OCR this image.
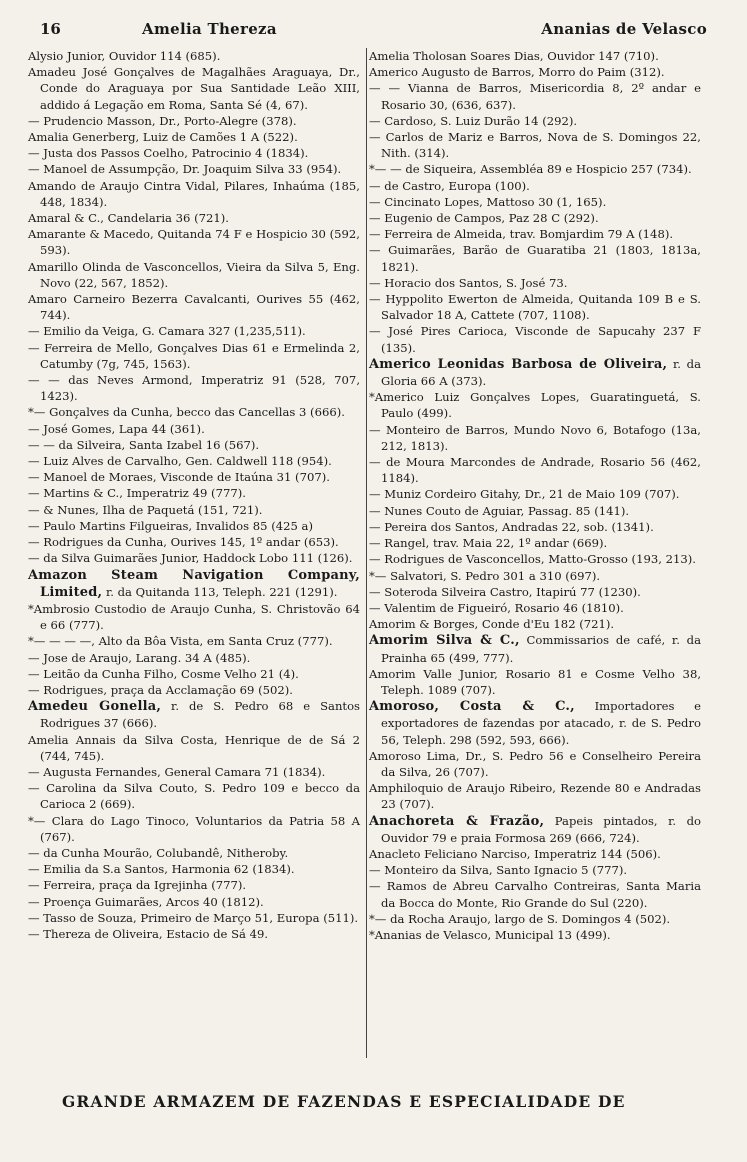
16	Amelia Thereza	Ananias de Velasco

Alysio Junior, Ouvidor 114 (685).

Amadeu José Gonçalves de Magalhães Araguaya, Dr., Conde do Araguaya por Sua Santidade Leão XIII, addido á Legação em Roma, Santa Sé (4, 67).

— Prudencio Masson, Dr., Porto-Alegre (378).

Amalia Generberg, Luiz de Camões 1 A (522).

— Justa dos Passos Coelho, Patrocinio 4 (1834).

— Manoel de Assumpção, Dr. Joaquim Silva 33 (954).

Amando de Araujo Cintra Vidal, Pilares, Inhaúma (185, 448, 1834).

Amaral & C., Candelaria 36 (721).

Amarante & Macedo, Quitanda 74 F e Hospicio 30 (592, 593).

Amarillo Olinda de Vasconcellos, Vieira da Silva 5, Eng. Novo (22, 567, 1852).

Amaro Carneiro Bezerra Cavalcanti, Ourives 55 (462, 744).

— Emilio da Veiga, G. Camara 327 (1,235,511).

— Ferreira de Mello, Gonçalves Dias 61 e Ermelinda 2, Catumby (7g, 745, 1563).

— — das Neves Armond, Imperatriz 91 (528, 707, 1423).

*— Gonçalves da Cunha, becco das Cancellas 3 (666).

— José Gomes, Lapa 44 (361).

— — da Silveira, Santa Izabel 16 (567).

— Luiz Alves de Carvalho, Gen. Caldwell 118 (954).

— Manoel de Moraes, Visconde de Itaúna 31 (707).

— Martins & C., Imperatriz 49 (777).

— & Nunes, Ilha de Paquetá (151, 721).

— Paulo Martins Filgueiras, Invalidos 85 (425 a)

— Rodrigues da Cunha, Ourives 145, 1º andar (653).

— da Silva Guimarães Junior, Haddock Lobo 111 (126).

Amazon Steam Navigation Company, Limited, r. da Quitanda 113, Teleph. 221 (1291).

*Ambrosio Custodio de Araujo Cunha, S. Christovão 64 e 66 (777).

*— — — —, Alto da Bôa Vista, em Santa Cruz (777).

— Jose de Araujo, Larang. 34 A (485).

— Leitão da Cunha Filho, Cosme Velho 21 (4).

— Rodrigues, praça da Acclamação 69 (502).

Amedeu Gonella, r. de S. Pedro 68 e Santos Rodrigues 37 (666).

Amelia Annais da Silva Costa, Henrique de de Sá 2 (744, 745).

— Augusta Fernandes, General Camara 71 (1834).

— Carolina da Silva Couto, S. Pedro 109 e becco da Carioca 2 (669).

*— Clara do Lago Tinoco, Voluntarios da Patria 58 A (767).

— da Cunha Mourão, Colubandê, Nitheroby.

— Emilia da S.a Santos, Harmonia 62 (1834).

— Ferreira, praça da Igrejinha (777).

— Proença Guimarães, Arcos 40 (1812).

— Tasso de Souza, Primeiro de Março 51, Europa (511).

— Thereza de Oliveira, Estacio de Sá 49.

Amelia Tholosan Soares Dias, Ouvidor 147 (710).

Americo Augusto de Barros, Morro do Paim (312).

— — Vianna de Barros, Misericordia 8, 2º andar e Rosario 30, (636, 637).

— Cardoso, S. Luiz Durão 14 (292).

— Carlos de Mariz e Barros, Nova de S. Domingos 22, Nith. (314).

*— — de Siqueira, Assembléa 89 e Hospicio 257 (734).

— de Castro, Europa (100).

— Cincinato Lopes, Mattoso 30 (1, 165).

— Eugenio de Campos, Paz 28 C (292).

— Ferreira de Almeida, trav. Bomjardim 79 A (148).

— Guimarães, Barão de Guaratiba 21 (1803, 1813a, 1821).

— Horacio dos Santos, S. José 73.

— Hyppolito Ewerton de Almeida, Quitanda 109 B e S. Salvador 18 A, Cattete (707, 1108).

— José Pires Carioca, Visconde de Sapucahy 237 F (135).

Americo Leonidas Barbosa de Oliveira, r. da Gloria 66 A (373).

*Americo Luiz Gonçalves Lopes, Guaratinguetá, S. Paulo (499).

— Monteiro de Barros, Mundo Novo 6, Botafogo (13a, 212, 1813).

— de Moura Marcondes de Andrade, Rosario 56 (462, 1184).

— Muniz Cordeiro Gitahy, Dr., 21 de Maio 109 (707).

— Nunes Couto de Aguiar, Passag. 85 (141).

— Pereira dos Santos, Andradas 22, sob. (1341).

— Rangel, trav. Maia 22, 1º andar (669).

— Rodrigues de Vasconcellos, Matto-Grosso (193, 213).

*— Salvatori, S. Pedro 301 a 310 (697).

— Soteroda Silveira Castro, Itapirú 77 (1230).

— Valentim de Figueiró, Rosario 46 (1810).

Amorim & Borges, Conde d'Eu 182 (721).

Amorim Silva & C., Commissarios de café, r. da Prainha 65 (499, 777).

Amorim Valle Junior, Rosario 81 e Cosme Velho 38, Teleph. 1089 (707).

Amoroso, Costa & C., Importadores e exportadores de fazendas por atacado, r. de S. Pedro 56, Teleph. 298 (592, 593, 666).

Amoroso Lima, Dr., S. Pedro 56 e Conselheiro Pereira da Silva, 26 (707).

Amphiloquio de Araujo Ribeiro, Rezende 80 e Andradas 23 (707).

Anachoreta & Frazão, Papeis pintados, r. do Ouvidor 79 e praia Formosa 269 (666, 724).

Anacleto Feliciano Narciso, Imperatriz 144 (506).

— Monteiro da Silva, Santo Ignacio 5 (777).

— Ramos de Abreu Carvalho Contreiras, Santa Maria da Bocca do Monte, Rio Grande do Sul (220).

*— da Rocha Araujo, largo de S. Domingos 4 (502).

*Ananias de Velasco, Municipal 13 (499).

GRANDE ARMAZEM DE FAZENDAS E ESPECIALIDADE DE
